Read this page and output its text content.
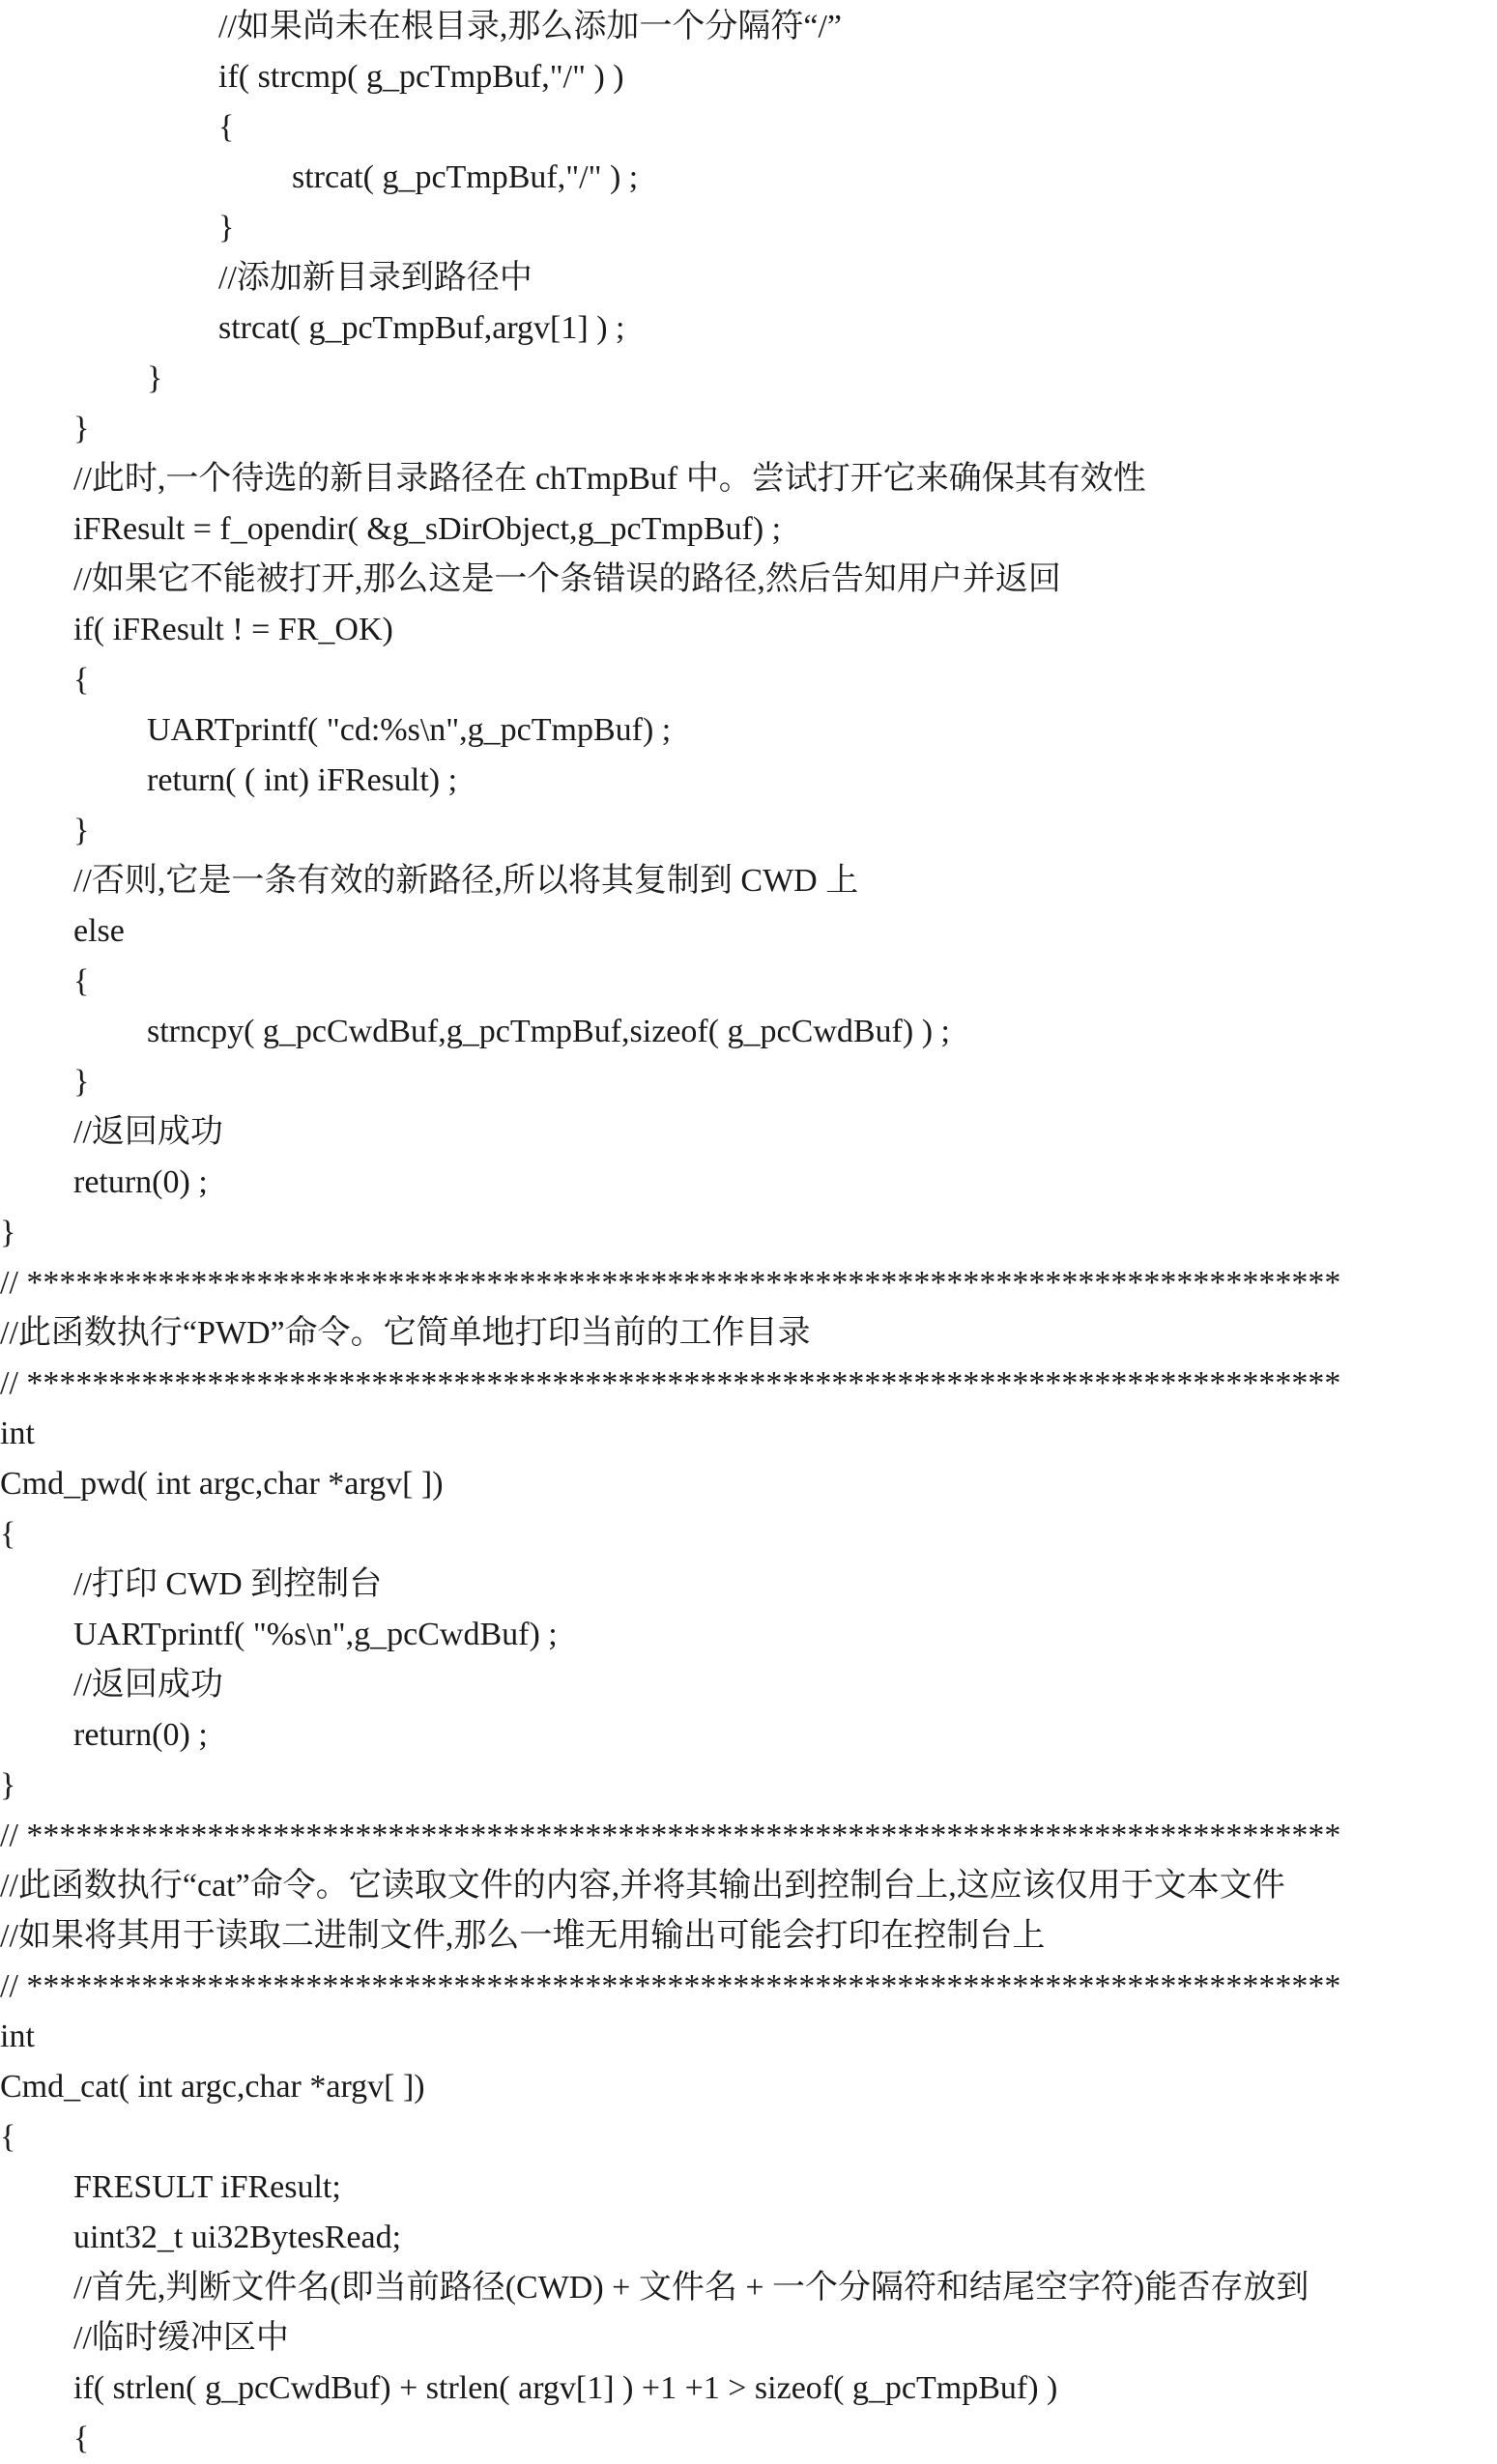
//如果尚未在根目录,那么添加一个分隔符“/”
if( strcmp( g_pcTmpBuf,"/" ) )
{
strcat( g_pcTmpBuf,"/" ) ;
}
//添加新目录到路径中
strcat( g_pcTmpBuf,argv[1] ) ;
}
}
//此时,一个待选的新目录路径在 chTmpBuf 中。尝试打开它来确保其有效性
iFResult = f_opendir( &g_sDirObject,g_pcTmpBuf) ;
//如果它不能被打开,那么这是一个条错误的路径,然后告知用户并返回
if( iFResult ! = FR_OK)
{
UARTprintf( "cd:%s\n",g_pcTmpBuf) ;
return( ( int) iFResult) ;
}
//否则,它是一条有效的新路径,所以将其复制到 CWD 上
else
{
strncpy( g_pcCwdBuf,g_pcTmpBuf,sizeof( g_pcCwdBuf) ) ;
}
//返回成功
return(0) ;
}
// ********************************************************************************
//此函数执行“PWD”命令。它简单地打印当前的工作目录
// ********************************************************************************
int
Cmd_pwd( int argc,char *argv[ ])
{
//打印 CWD 到控制台
UARTprintf( "%s\n",g_pcCwdBuf) ;
//返回成功
return(0) ;
}
// ********************************************************************************
//此函数执行“cat”命令。它读取文件的内容,并将其输出到控制台上,这应该仅用于文本文件
//如果将其用于读取二进制文件,那么一堆无用输出可能会打印在控制台上
// ********************************************************************************
int
Cmd_cat( int argc,char *argv[ ])
{
FRESULT iFResult;
uint32_t ui32BytesRead;
//首先,判断文件名(即当前路径(CWD) + 文件名 + 一个分隔符和结尾空字符)能否存放到
//临时缓冲区中
if( strlen( g_pcCwdBuf) + strlen( argv[1] ) +1 +1 > sizeof( g_pcTmpBuf) )
{
